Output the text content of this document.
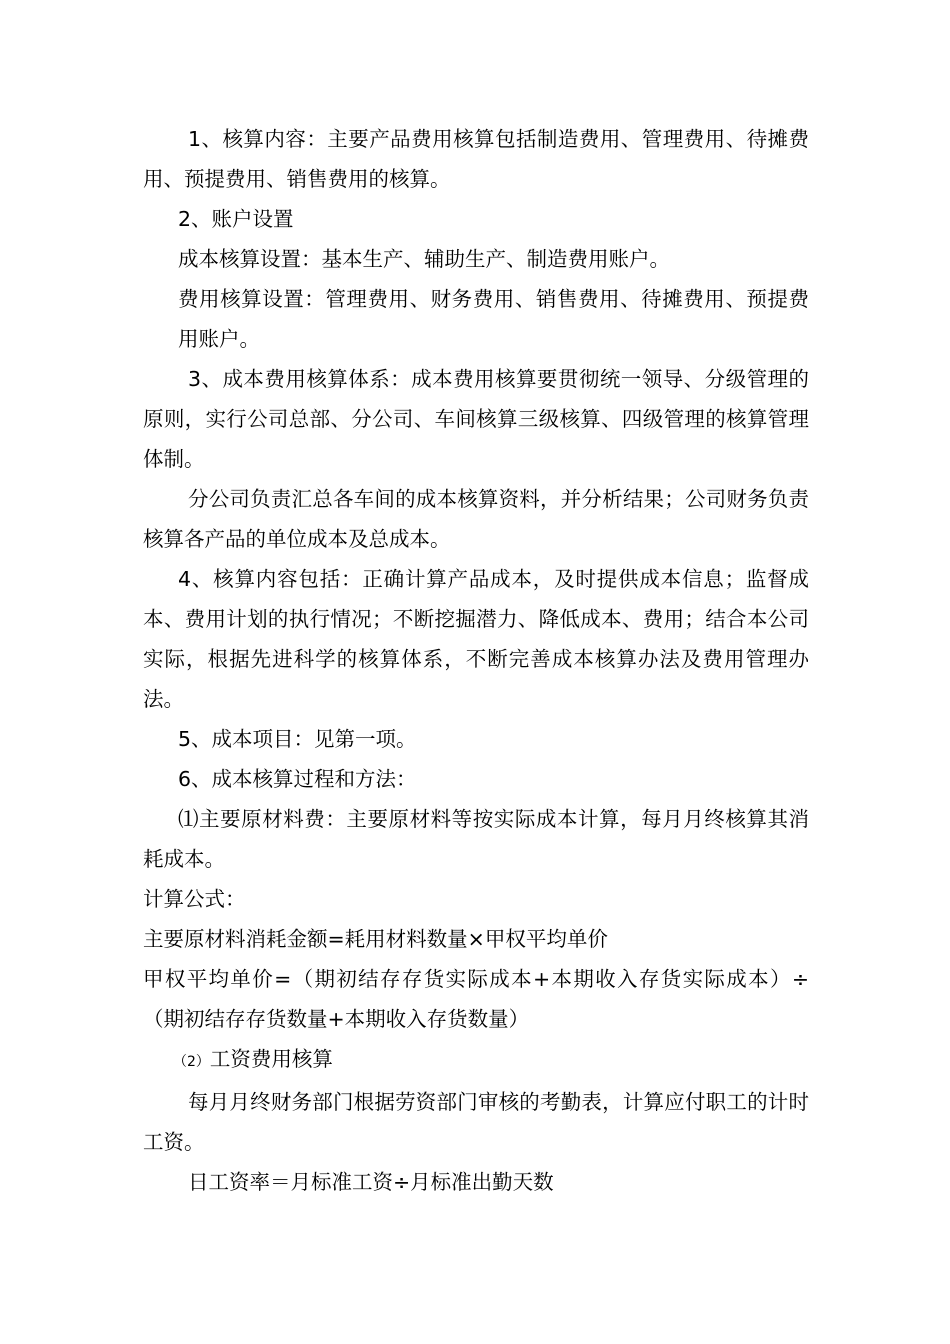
1、核算内容：主要产品费用核算包括制造费用、管理费用、待摊费用、预提费用、销售费用的核算。

2、账户设置

成本核算设置：基本生产、辅助生产、制造费用账户。

费用核算设置：管理费用、财务费用、销售费用、待摊费用、预提费用账户。

3、成本费用核算体系：成本费用核算要贯彻统一领导、分级管理的原则，实行公司总部、分公司、车间核算三级核算、四级管理的核算管理体制。

分公司负责汇总各车间的成本核算资料，并分析结果；公司财务负责核算各产品的单位成本及总成本。

4、核算内容包括：正确计算产品成本，及时提供成本信息；监督成本、费用计划的执行情况；不断挖掘潜力、降低成本、费用；结合本公司实际，根据先进科学的核算体系，不断完善成本核算办法及费用管理办法。

5、成本项目：见第一项。

6、成本核算过程和方法：

⑴主要原材料费：主要原材料等按实际成本计算，每月月终核算其消耗成本。

计算公式：

主要原材料消耗金额=耗用材料数量×甲权平均单价

甲权平均单价=（期初结存存货实际成本+本期收入存货实际成本）÷（期初结存存货数量+本期收入存货数量）

（2）工资费用核算

每月月终财务部门根据劳资部门审核的考勤表，计算应付职工的计时工资。

日工资率＝月标准工资÷月标准出勤天数
